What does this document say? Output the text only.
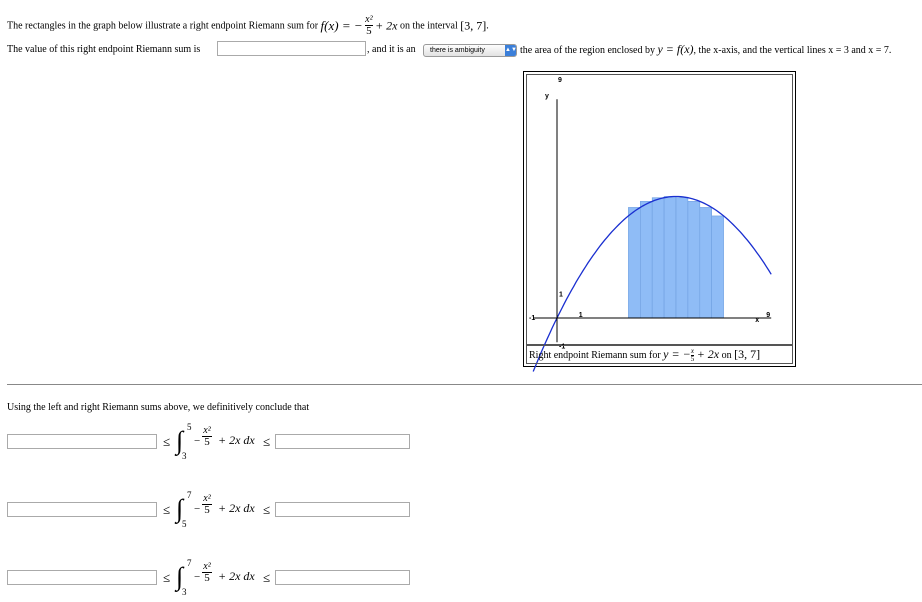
The rectangles in the graph below illustrate a right endpoint Riemann sum for f(x) = − $\frac{\text{x²}}{5} + 2x$ on the interval [3, 7].
The value of this right endpoint Riemann sum is	, and it is an	there is ambiguity	▲▼ the area of the region enclosed by y = f(x), the x-axis, and the vertical lines x = 3 and x = 7.
y
x
9
1
-1	1	9
-1
Right endpoint Riemann sum for y = − $\frac{x}{5} + 2x$ on [3, 7]
Using the left and right Riemann sums above, we definitively conclude that
≤ ∫ 5
3
−
x²
5 + 2x dx ≤
≤ ∫ 7
5
−
x²
5 + 2x dx ≤
≤ ∫ 7
3
−
x²
5 + 2x dx ≤
